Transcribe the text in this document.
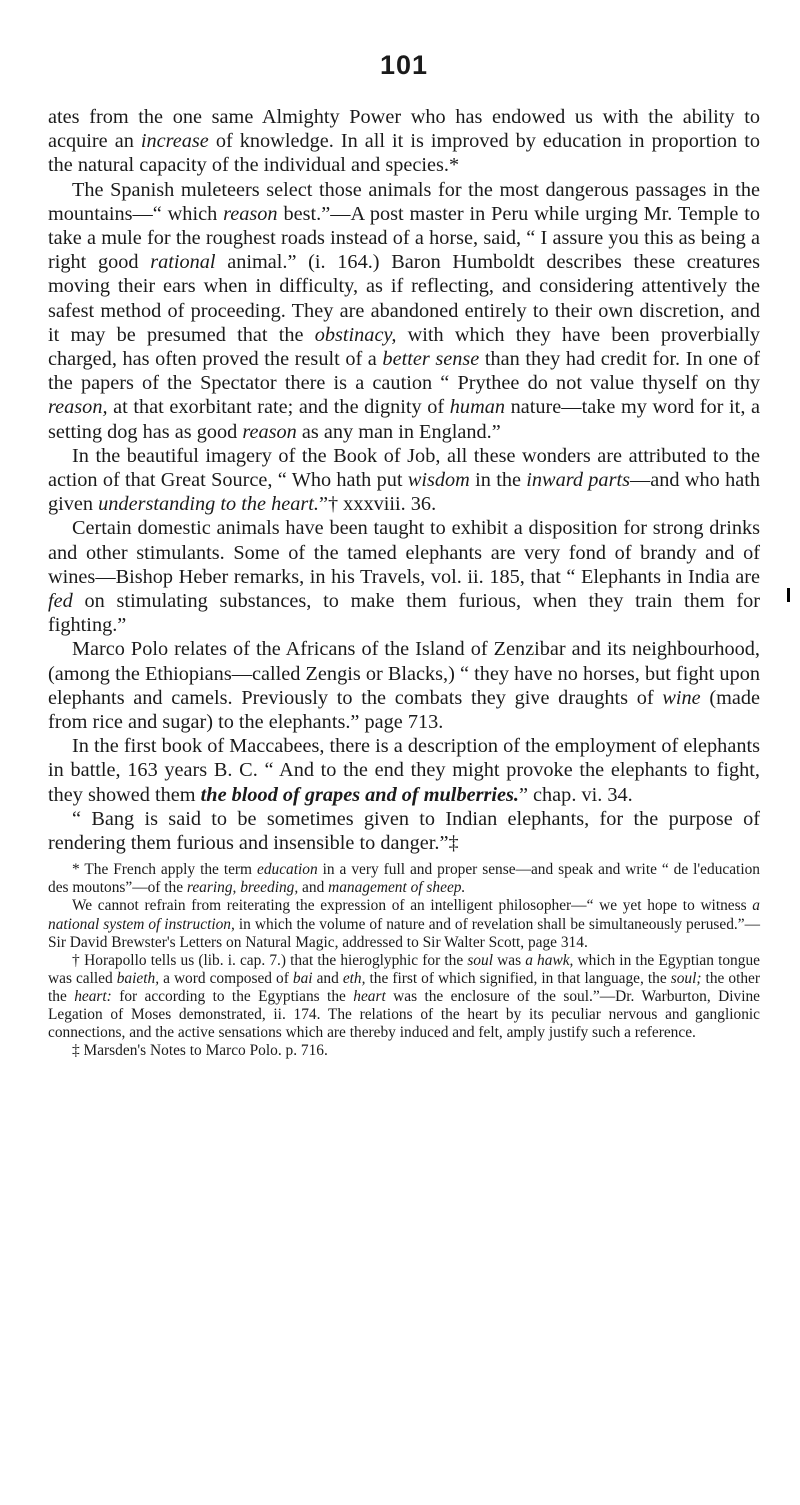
101

ates from the one same Almighty Power who has endowed us with the ability to acquire an increase of knowledge. In all it is improved by education in proportion to the natural capacity of the individual and species.*

The Spanish muleteers select those animals for the most dangerous passages in the mountains—“ which reason best.”—A post master in Peru while urging Mr. Temple to take a mule for the roughest roads instead of a horse, said, “ I assure you this as being a right good rational animal.” (i. 164.) Baron Humboldt describes these creatures moving their ears when in difficulty, as if reflecting, and considering attentively the safest method of proceeding. They are abandoned entirely to their own discretion, and it may be presumed that the obstinacy, with which they have been proverbially charged, has often proved the result of a better sense than they had credit for. In one of the papers of the Spectator there is a caution “ Prythee do not value thyself on thy reason, at that exorbitant rate; and the dignity of human nature—take my word for it, a setting dog has as good reason as any man in England.”

In the beautiful imagery of the Book of Job, all these wonders are attributed to the action of that Great Source, “ Who hath put wisdom in the inward parts—and who hath given understanding to the heart.”† xxxviii. 36.

Certain domestic animals have been taught to exhibit a disposition for strong drinks and other stimulants. Some of the tamed elephants are very fond of brandy and of wines—Bishop Heber remarks, in his Travels, vol. ii. 185, that “ Elephants in India are fed on stimulating substances, to make them furious, when they train them for fighting.”

Marco Polo relates of the Africans of the Island of Zenzibar and its neighbourhood, (among the Ethiopians—called Zengis or Blacks,) “ they have no horses, but fight upon elephants and camels. Previously to the combats they give draughts of wine (made from rice and sugar) to the elephants.” page 713.

In the first book of Maccabees, there is a description of the employment of elephants in battle, 163 years B. C. “ And to the end they might provoke the elephants to fight, they showed them the blood of grapes and of mulberries.” chap. vi. 34.

“ Bang is said to be sometimes given to Indian elephants, for the purpose of rendering them furious and insensible to danger.”‡

* The French apply the term education in a very full and proper sense—and speak and write “ de l'education des moutons”—of the rearing, breeding, and management of sheep.

We cannot refrain from reiterating the expression of an intelligent philosopher—“ we yet hope to witness a national system of instruction, in which the volume of nature and of revelation shall be simultaneously perused.”—Sir David Brewster's Letters on Natural Magic, addressed to Sir Walter Scott, page 314.

† Horapollo tells us (lib. i. cap. 7.) that the hieroglyphic for the soul was a hawk, which in the Egyptian tongue was called baieth, a word composed of bai and eth, the first of which signified, in that language, the soul; the other the heart: for according to the Egyptians the heart was the enclosure of the soul.”—Dr. Warburton, Divine Legation of Moses demonstrated, ii. 174. The relations of the heart by its peculiar nervous and ganglionic connections, and the active sensations which are thereby induced and felt, amply justify such a reference.

‡ Marsden's Notes to Marco Polo. p. 716.
